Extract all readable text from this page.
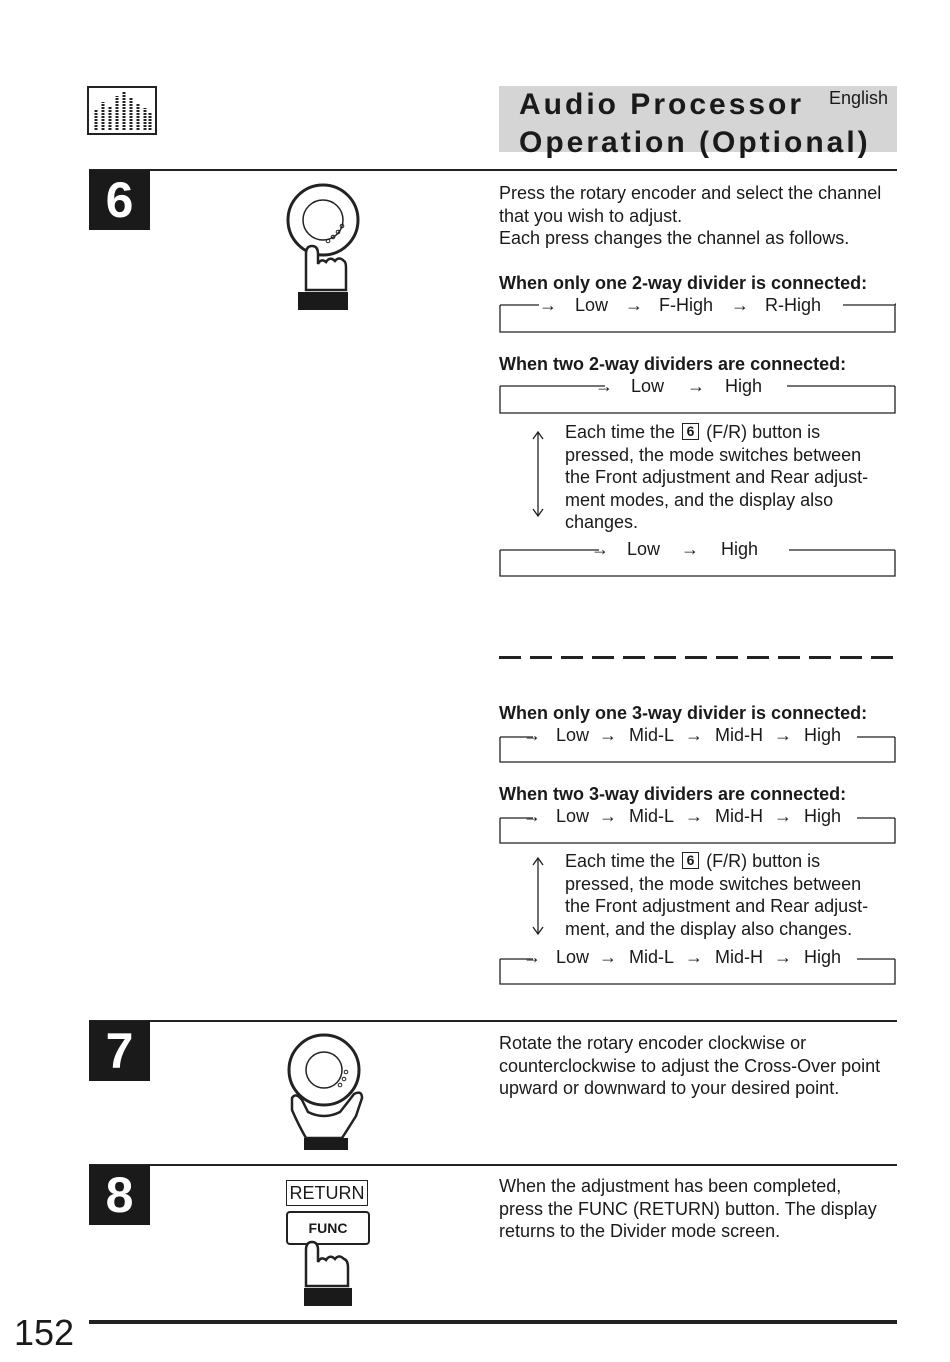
Audio Processor
Operation (Optional)
English
6	Press the rotary encoder and select the channel
that you wish to adjust.
Each press changes the channel as follows.
When only one 2-way divider is connected:
→ Low → F-High → R-High
When two 2-way dividers are connected:
→ Low → High
Each time the 6 (F/R) button is
pressed, the mode switches between
the Front adjustment and Rear adjust-
ment modes, and the display also
changes.
→ Low → High
When only one 3-way divider is connected:
→ Low → Mid-L → Mid-H → High
When two 3-way dividers are connected:
→ Low → Mid-L → Mid-H → High
Each time the 6 (F/R) button is
pressed, the mode switches between
the Front adjustment and Rear adjust-
ment, and the display also changes.
→ Low → Mid-L → Mid-H → High
7	Rotate the rotary encoder clockwise or
counterclockwise to adjust the Cross-Over point
upward or downward to your desired point.
8	RETURN
FUNC
When the adjustment has been completed,
press the FUNC (RETURN) button. The display
returns to the Divider mode screen.
152
